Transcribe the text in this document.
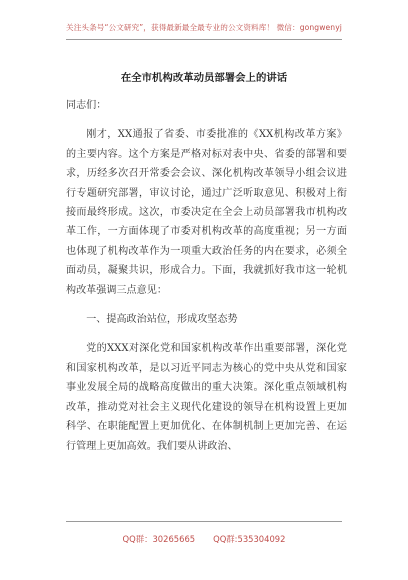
关注头条号“公文研究”，获得最新最全最专业的公文资料库！ 微信：gongwenyj
在全市机构改革动员部署会上的讲话

同志们：

刚才，XX通报了省委、市委批准的《XX机构改革方案》的主要内容。这个方案是严格对标对表中央、省委的部署和要求，历经多次召开常委会会议、深化机构改革领导小组会议进行专题研究部署，审议讨论，通过广泛听取意见、积极对上衔接而最终形成。这次，市委决定在全会上动员部署我市机构改革工作，一方面体现了市委对机构改革的高度重视；另一方面也体现了机构改革作为一项重大政治任务的内在要求，必须全面动员，凝聚共识，形成合力。下面，我就抓好我市这一轮机构改革强调三点意见：

一、提高政治站位，形成攻坚态势

党的XXX对深化党和国家机构改革作出重要部署，深化党和国家机构改革，是以习近平同志为核心的党中央从党和国家事业发展全局的战略高度做出的重大决策。深化重点领域机构改革，推动党对社会主义现代化建设的领导在机构设置上更加科学、在职能配置上更加优化、在体制机制上更加完善、在运行管理上更加高效。我们要从讲政治、

QQ群：30265665 QQ群:535304092
